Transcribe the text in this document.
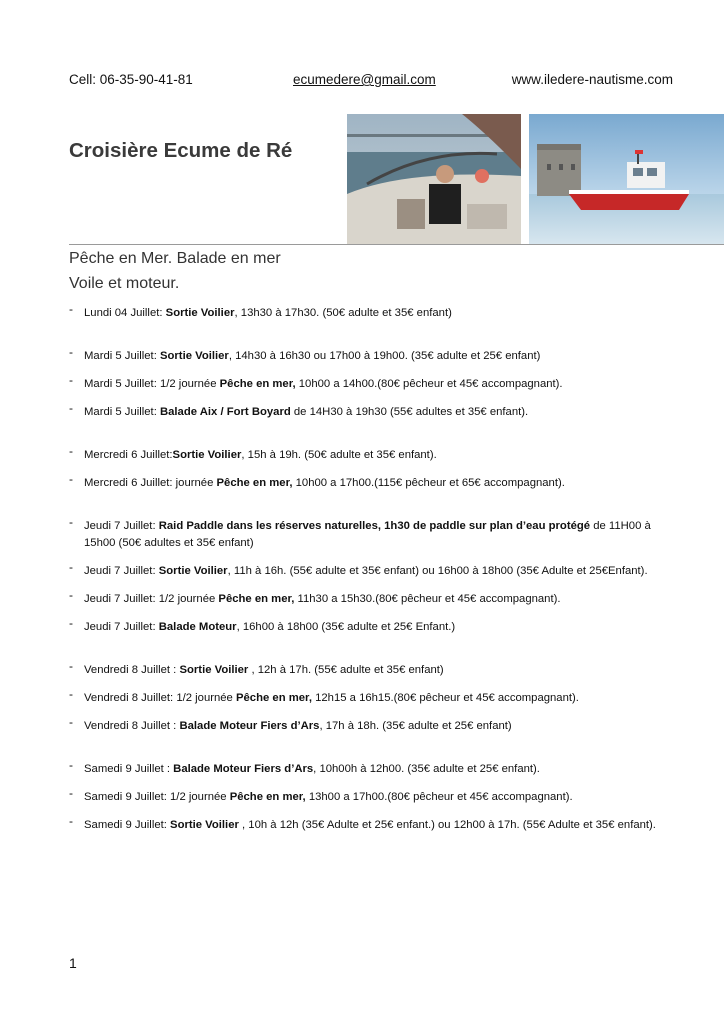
Cell: 06-35-90-41-81	ecumedere@gmail.com	www.iledere-nautisme.com
Croisière Ecume de Ré
Pêche en Mer. Balade en mer
Voile et moteur.
- Lundi 04 Juillet: Sortie Voilier, 13h30 à 17h30. (50€ adulte et 35€ enfant)
- Mardi 5 Juillet: Sortie Voilier, 14h30 à 16h30 ou 17h00 à 19h00. (35€ adulte et 25€ enfant)
- Mardi 5 Juillet: 1/2 journée Pêche en mer, 10h00 a 14h00.(80€ pêcheur et 45€ accompagnant).
- Mardi 5 Juillet: Balade Aix / Fort Boyard de 14H30 à 19h30 (55€ adultes et 35€ enfant).
- Mercredi 6 Juillet:Sortie Voilier, 15h à 19h. (50€ adulte et 35€ enfant).
- Mercredi 6 Juillet: journée Pêche en mer, 10h00 a 17h00.(115€ pêcheur et 65€ accompagnant).
- Jeudi 7 Juillet: Raid Paddle dans les réserves naturelles, 1h30 de paddle sur plan d’eau protégé de 11H00 à 15h00 (50€ adultes et 35€ enfant)
- Jeudi 7 Juillet: Sortie Voilier, 11h à 16h. (55€ adulte et 35€ enfant) ou 16h00 à 18h00 (35€ Adulte et 25€Enfant).
- Jeudi 7 Juillet: 1/2 journée Pêche en mer, 11h30 a 15h30.(80€ pêcheur et 45€ accompagnant).
- Jeudi 7 Juillet: Balade Moteur, 16h00 à 18h00 (35€ adulte et 25€ Enfant.)
- Vendredi 8 Juillet : Sortie Voilier , 12h à 17h. (55€ adulte et 35€ enfant)
- Vendredi 8 Juillet: 1/2 journée Pêche en mer, 12h15 a 16h15.(80€ pêcheur et 45€ accompagnant).
- Vendredi 8 Juillet : Balade Moteur Fiers d’Ars, 17h à 18h. (35€ adulte et 25€ enfant)
- Samedi 9 Juillet : Balade Moteur Fiers d’Ars, 10h00h à 12h00. (35€ adulte et 25€ enfant).
- Samedi 9 Juillet: 1/2 journée Pêche en mer, 13h00 a 17h00.(80€ pêcheur et 45€ accompagnant).
- Samedi 9 Juillet: Sortie Voilier , 10h à 12h (35€ Adulte et 25€ enfant.) ou 12h00 à 17h. (55€ Adulte et 35€ enfant).
1
